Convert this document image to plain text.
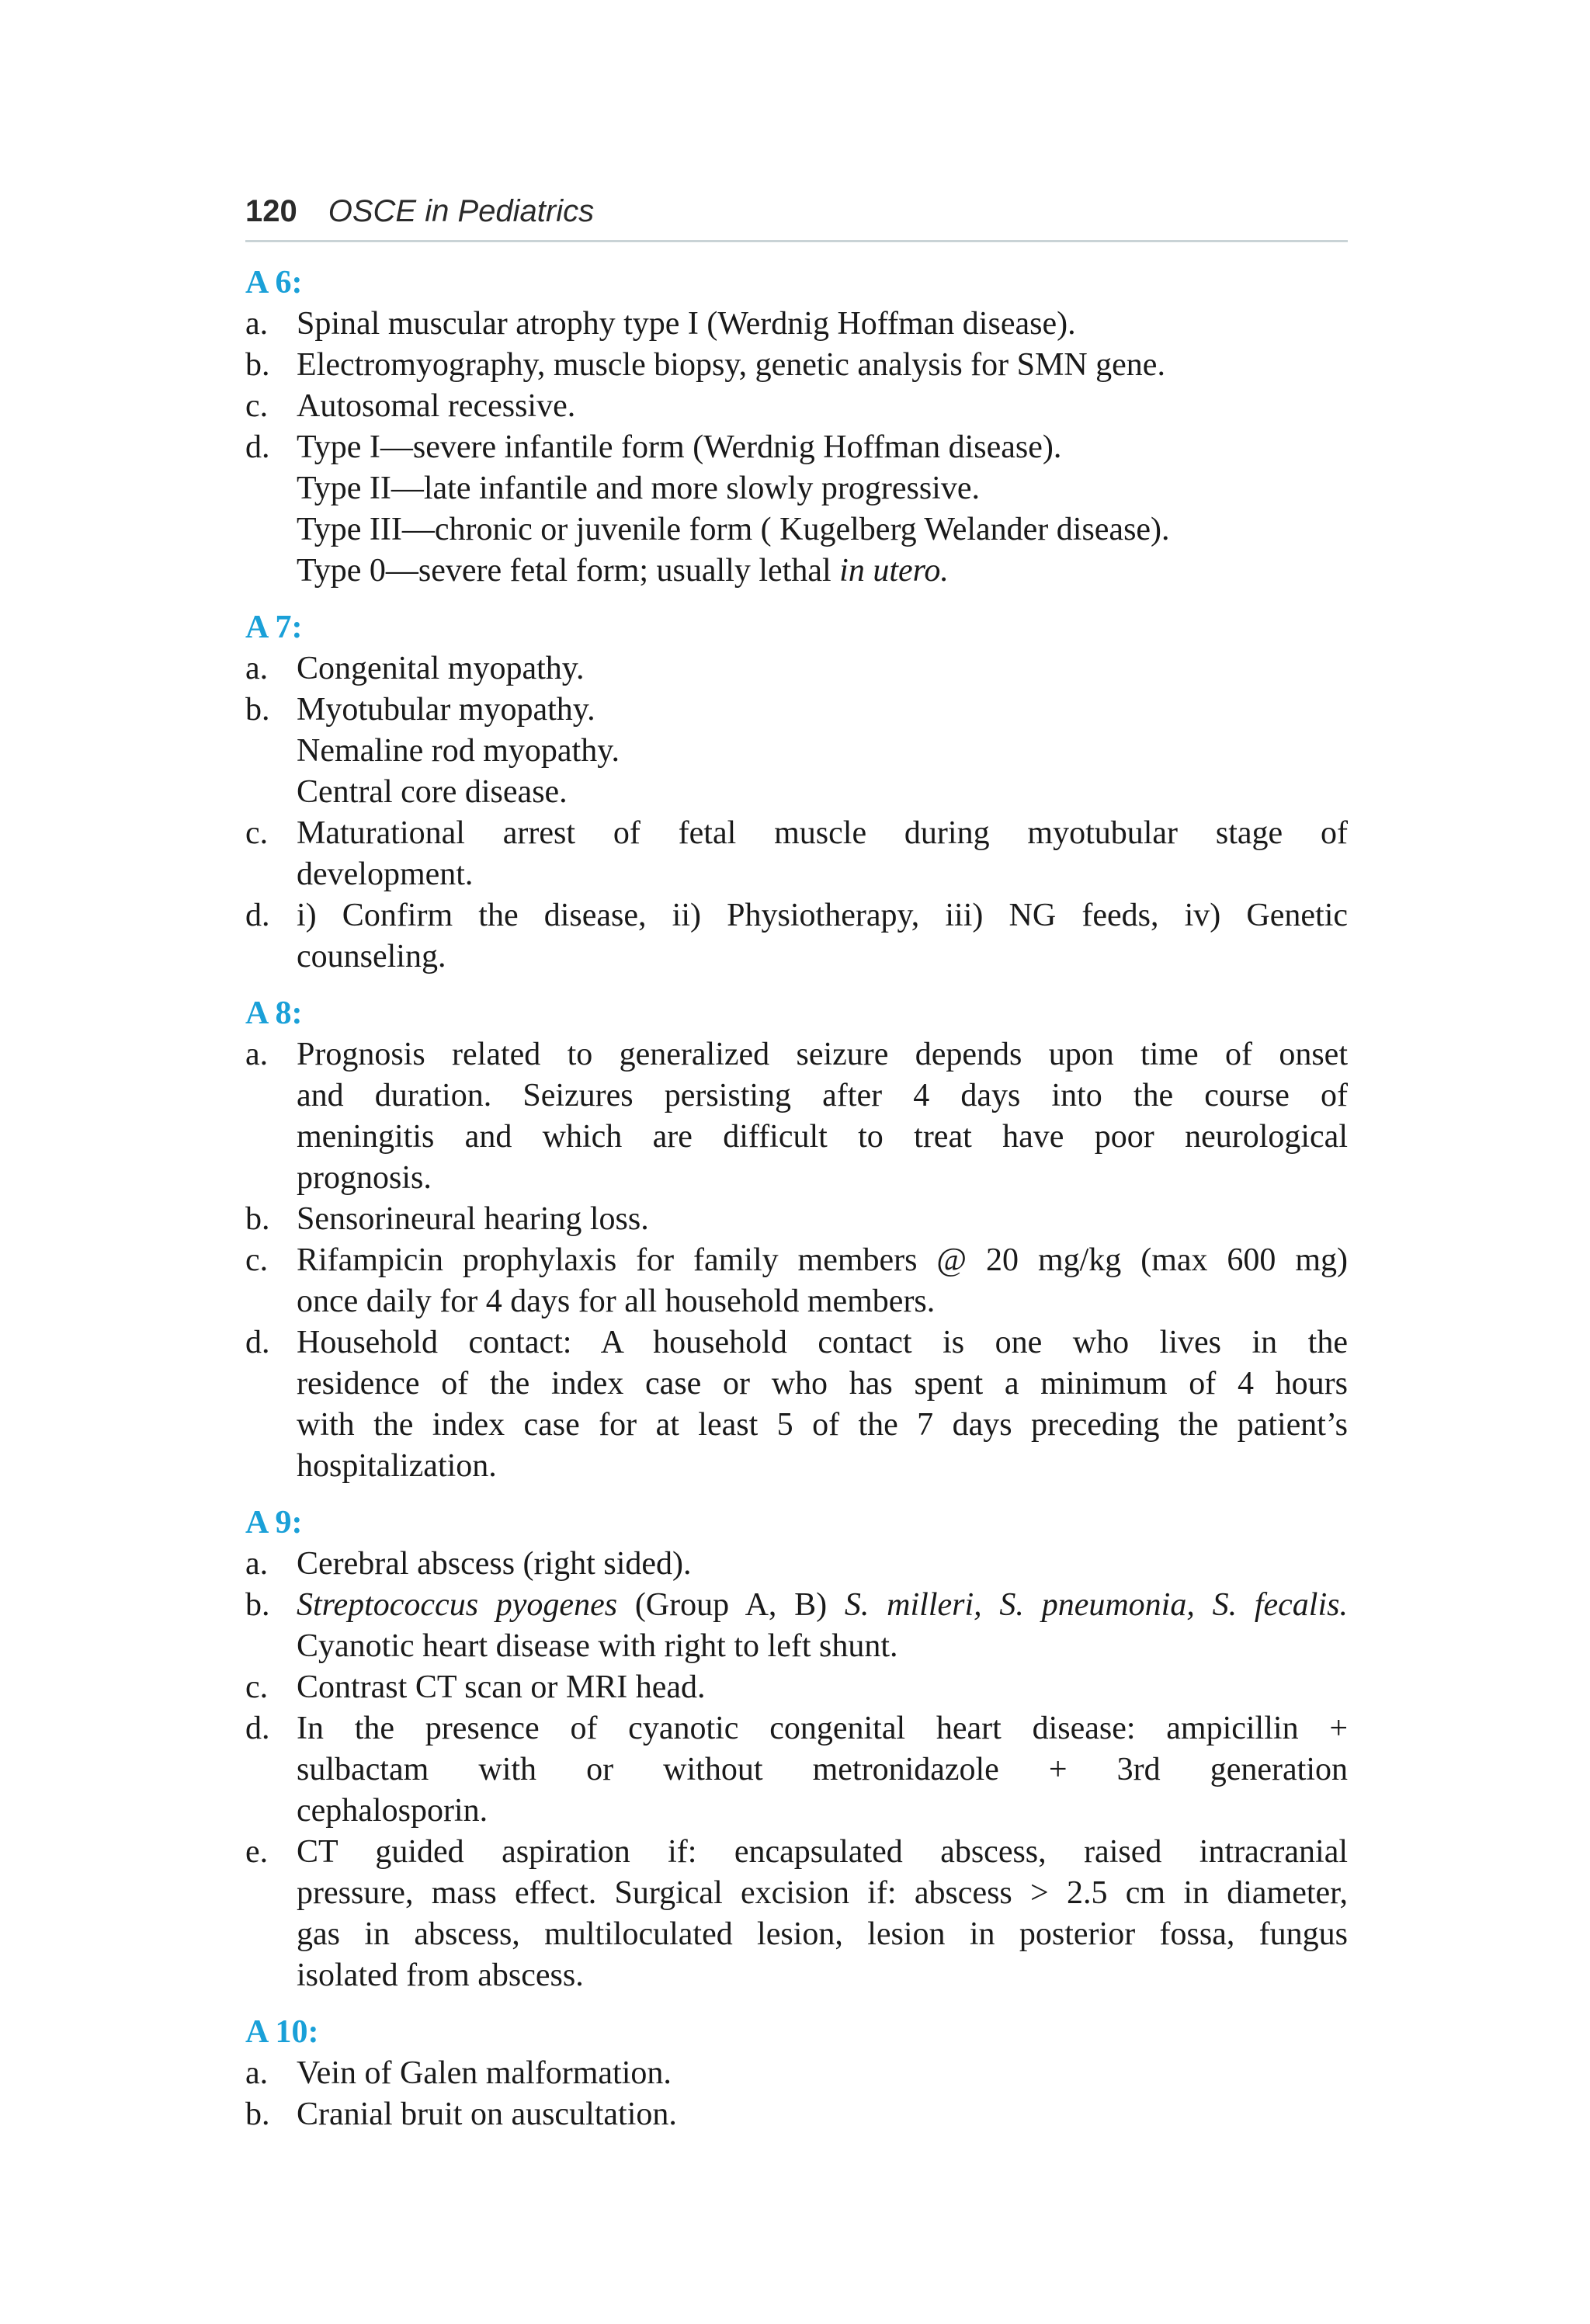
120 OSCE in Pediatrics
A 6:
a. Spinal muscular atrophy type I (Werdnig Hoffman disease).
b. Electromyography, muscle biopsy, genetic analysis for SMN gene.
c. Autosomal recessive.
d. Type I—severe infantile form (Werdnig Hoffman disease).
Type II—late infantile and more slowly progressive.
Type III—chronic or juvenile form ( Kugelberg Welander disease).
Type 0—severe fetal form; usually lethal in utero.
A 7:
a. Congenital myopathy.
b. Myotubular myopathy.
Nemaline rod myopathy.
Central core disease.
c. Maturational arrest of fetal muscle during myotubular stage of
development.
d. i) Confirm the disease, ii) Physiotherapy, iii) NG feeds, iv) Genetic
counseling.
A 8:
a. Prognosis related to generalized seizure depends upon time of onset
and duration. Seizures persisting after 4 days into the course of
meningitis and which are difficult to treat have poor neurological
prognosis.
b. Sensorineural hearing loss.
c. Rifampicin prophylaxis for family members @ 20 mg/kg (max 600 mg)
once daily for 4 days for all household members.
d. Household contact: A household contact is one who lives in the
residence of the index case or who has spent a minimum of 4 hours
with the index case for at least 5 of the 7 days preceding the patient’s
hospitalization.
A 9:
a. Cerebral abscess (right sided).
b. Streptococcus pyogenes (Group A, B) S. milleri, S. pneumonia, S. fecalis.
Cyanotic heart disease with right to left shunt.
c. Contrast CT scan or MRI head.
d. In the presence of cyanotic congenital heart disease: ampicillin +
sulbactam with or without metronidazole + 3rd generation
cephalosporin.
e. CT guided aspiration if: encapsulated abscess, raised intracranial
pressure, mass effect. Surgical excision if: abscess > 2.5 cm in diameter,
gas in abscess, multiloculated lesion, lesion in posterior fossa, fungus
isolated from abscess.
A 10:
a. Vein of Galen malformation.
b. Cranial bruit on auscultation.
